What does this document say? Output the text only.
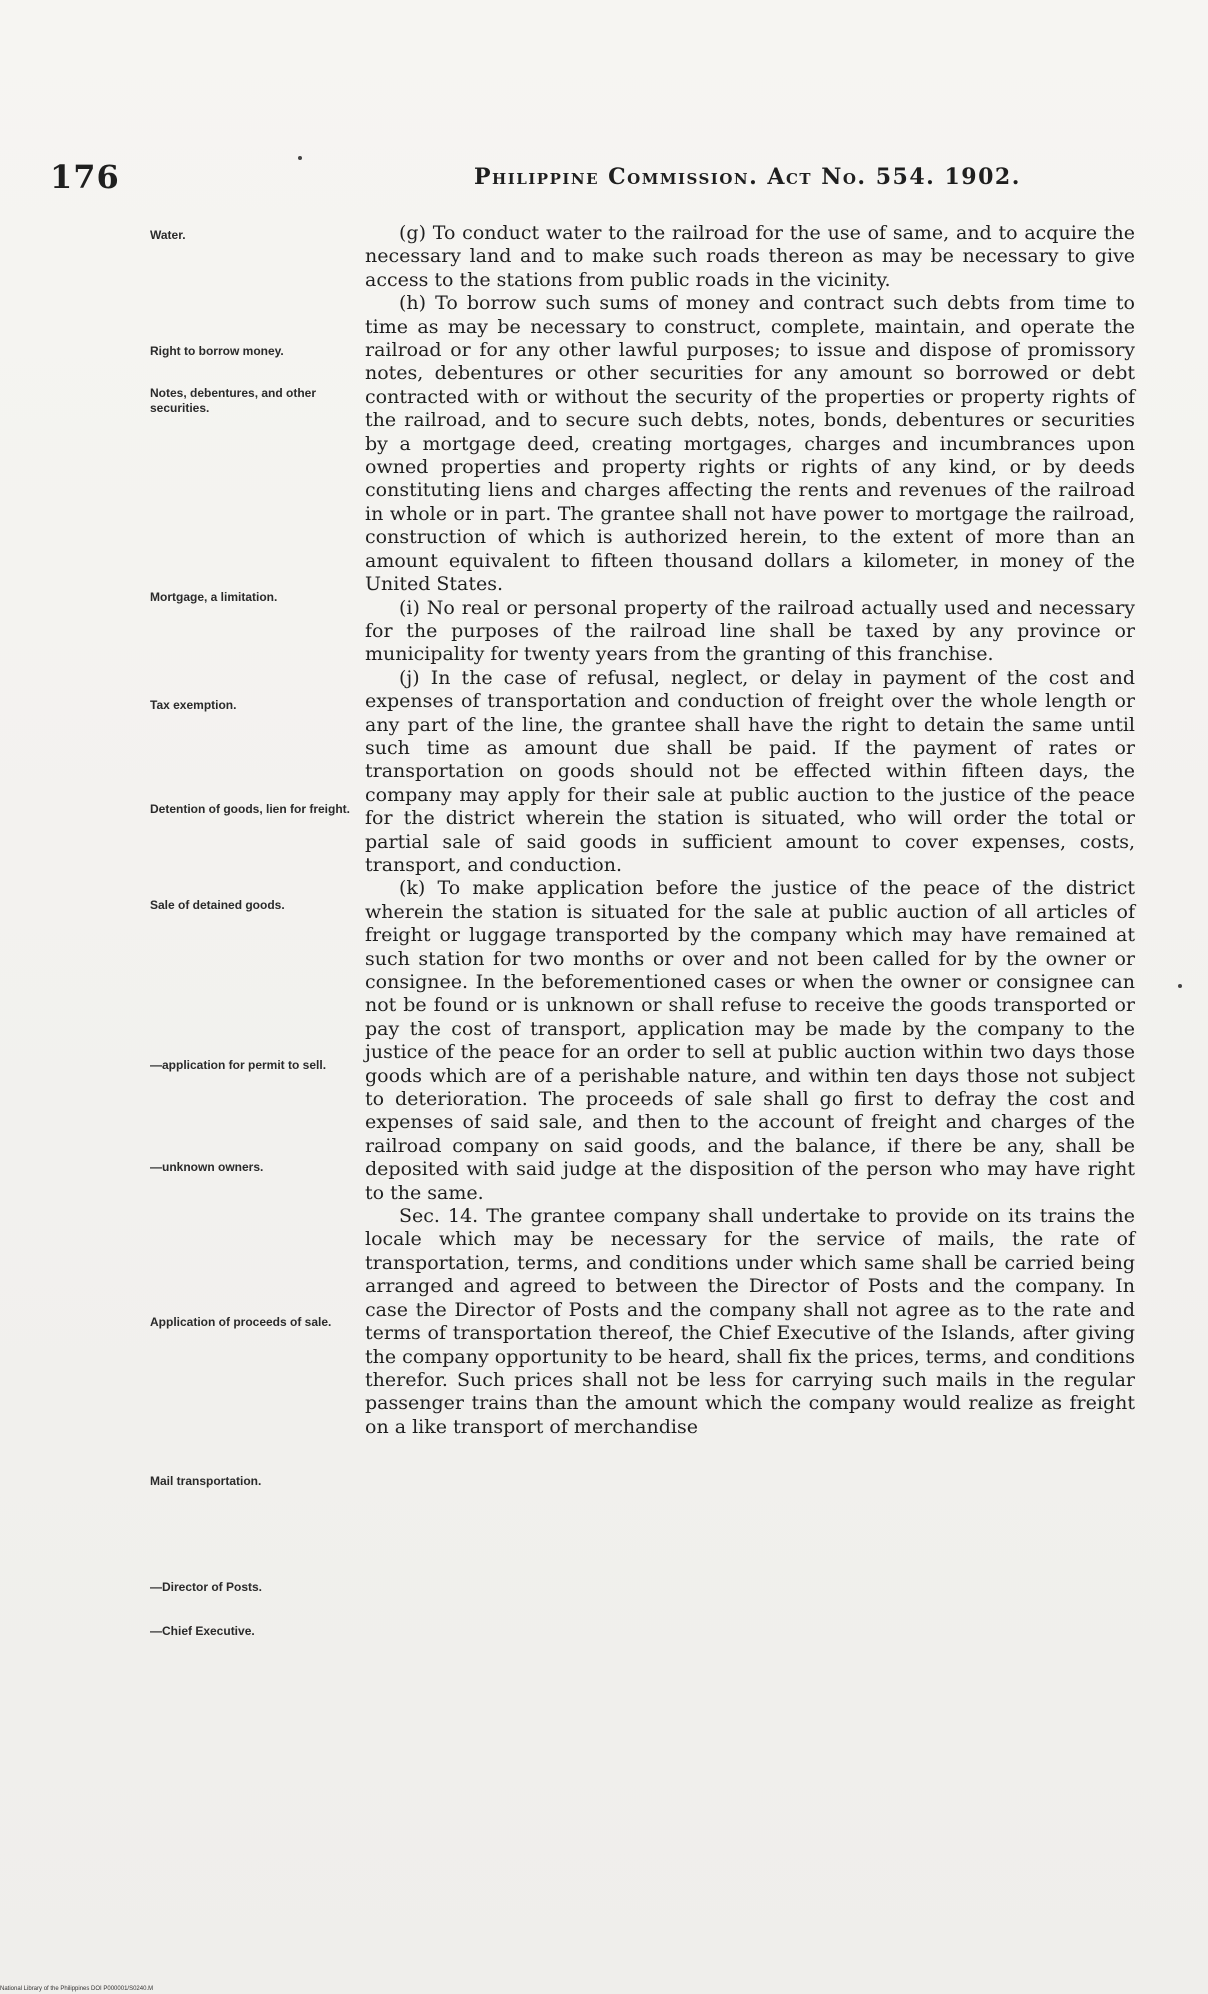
176	Philippine Commission. Act No. 554. 1902.
Water.
Right to borrow money.
Notes, debentures, and other securities.
Mortgage, a limitation.
Tax exemption.
Detention of goods, lien for freight.
Sale of detained goods.
—application for permit to sell.
—unknown owners.
Application of proceeds of sale.
Mail transportation.
—Director of Posts.
—Chief Executive.

(g) To conduct water to the railroad for the use of same, and to acquire the necessary land and to make such roads thereon as may be necessary to give access to the stations from public roads in the vicinity.

(h) To borrow such sums of money and contract such debts from time to time as may be necessary to construct, complete, maintain, and operate the railroad or for any other lawful purposes; to issue and dispose of promissory notes, debentures or other securities for any amount so borrowed or debt contracted with or without the security of the properties or property rights of the railroad, and to secure such debts, notes, bonds, debentures or securities by a mortgage deed, creating mortgages, charges and incumbrances upon owned properties and property rights or rights of any kind, or by deeds constituting liens and charges affecting the rents and revenues of the railroad in whole or in part. The grantee shall not have power to mortgage the railroad, construction of which is authorized herein, to the extent of more than an amount equivalent to fifteen thousand dollars a kilometer, in money of the United States.

(i) No real or personal property of the railroad actually used and necessary for the purposes of the railroad line shall be taxed by any province or municipality for twenty years from the granting of this franchise.

(j) In the case of refusal, neglect, or delay in payment of the cost and expenses of transportation and conduction of freight over the whole length or any part of the line, the grantee shall have the right to detain the same until such time as amount due shall be paid. If the payment of rates or transportation on goods should not be effected within fifteen days, the company may apply for their sale at public auction to the justice of the peace for the district wherein the station is situated, who will order the total or partial sale of said goods in sufficient amount to cover expenses, costs, transport, and conduction.

(k) To make application before the justice of the peace of the district wherein the station is situated for the sale at public auction of all articles of freight or luggage transported by the company which may have remained at such station for two months or over and not been called for by the owner or consignee. In the beforementioned cases or when the owner or consignee can not be found or is unknown or shall refuse to receive the goods transported or pay the cost of transport, application may be made by the company to the justice of the peace for an order to sell at public auction within two days those goods which are of a perishable nature, and within ten days those not subject to deterioration. The proceeds of sale shall go first to defray the cost and expenses of said sale, and then to the account of freight and charges of the railroad company on said goods, and the balance, if there be any, shall be deposited with said judge at the disposition of the person who may have right to the same.

Sec. 14. The grantee company shall undertake to provide on its trains the locale which may be necessary for the service of mails, the rate of transportation, terms, and conditions under which same shall be carried being arranged and agreed to between the Director of Posts and the company. In case the Director of Posts and the company shall not agree as to the rate and terms of transportation thereof, the Chief Executive of the Islands, after giving the company opportunity to be heard, shall fix the prices, terms, and conditions therefor. Such prices shall not be less for carrying such mails in the regular passenger trains than the amount which the company would realize as freight on a like transport of merchandise

National Library of the Philippines DOI P000001/S0240.M
